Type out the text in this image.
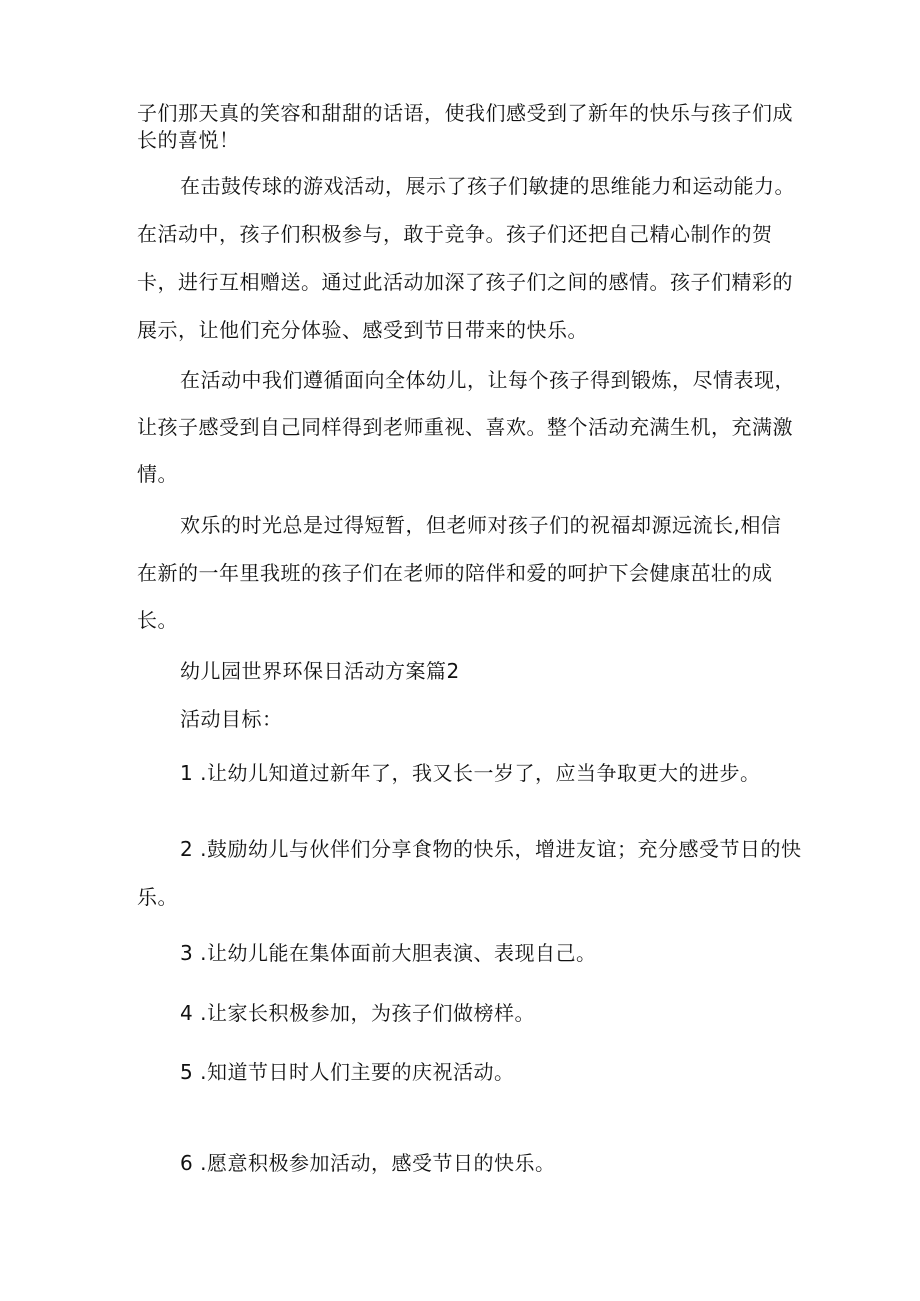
子们那天真的笑容和甜甜的话语，使我们感受到了新年的快乐与孩子们成
长的喜悦！
在击鼓传球的游戏活动，展示了孩子们敏捷的思维能力和运动能力。
在活动中，孩子们积极参与，敢于竞争。孩子们还把自己精心制作的贺
卡，进行互相赠送。通过此活动加深了孩子们之间的感情。孩子们精彩的
展示，让他们充分体验、感受到节日带来的快乐。
在活动中我们遵循面向全体幼儿，让每个孩子得到锻炼，尽情表现，
让孩子感受到自己同样得到老师重视、喜欢。整个活动充满生机，充满激
情。
欢乐的时光总是过得短暂，但老师对孩子们的祝福却源远流长,相信
在新的一年里我班的孩子们在老师的陪伴和爱的呵护下会健康茁壮的成
长。
幼儿园世界环保日活动方案篇2
活动目标：
1 .让幼儿知道过新年了，我又长一岁了，应当争取更大的进步。
2 .鼓励幼儿与伙伴们分享食物的快乐，增进友谊；充分感受节日的快
乐。
3 .让幼儿能在集体面前大胆表演、表现自己。
4 .让家长积极参加，为孩子们做榜样。
5 .知道节日时人们主要的庆祝活动。
6 .愿意积极参加活动，感受节日的快乐。
